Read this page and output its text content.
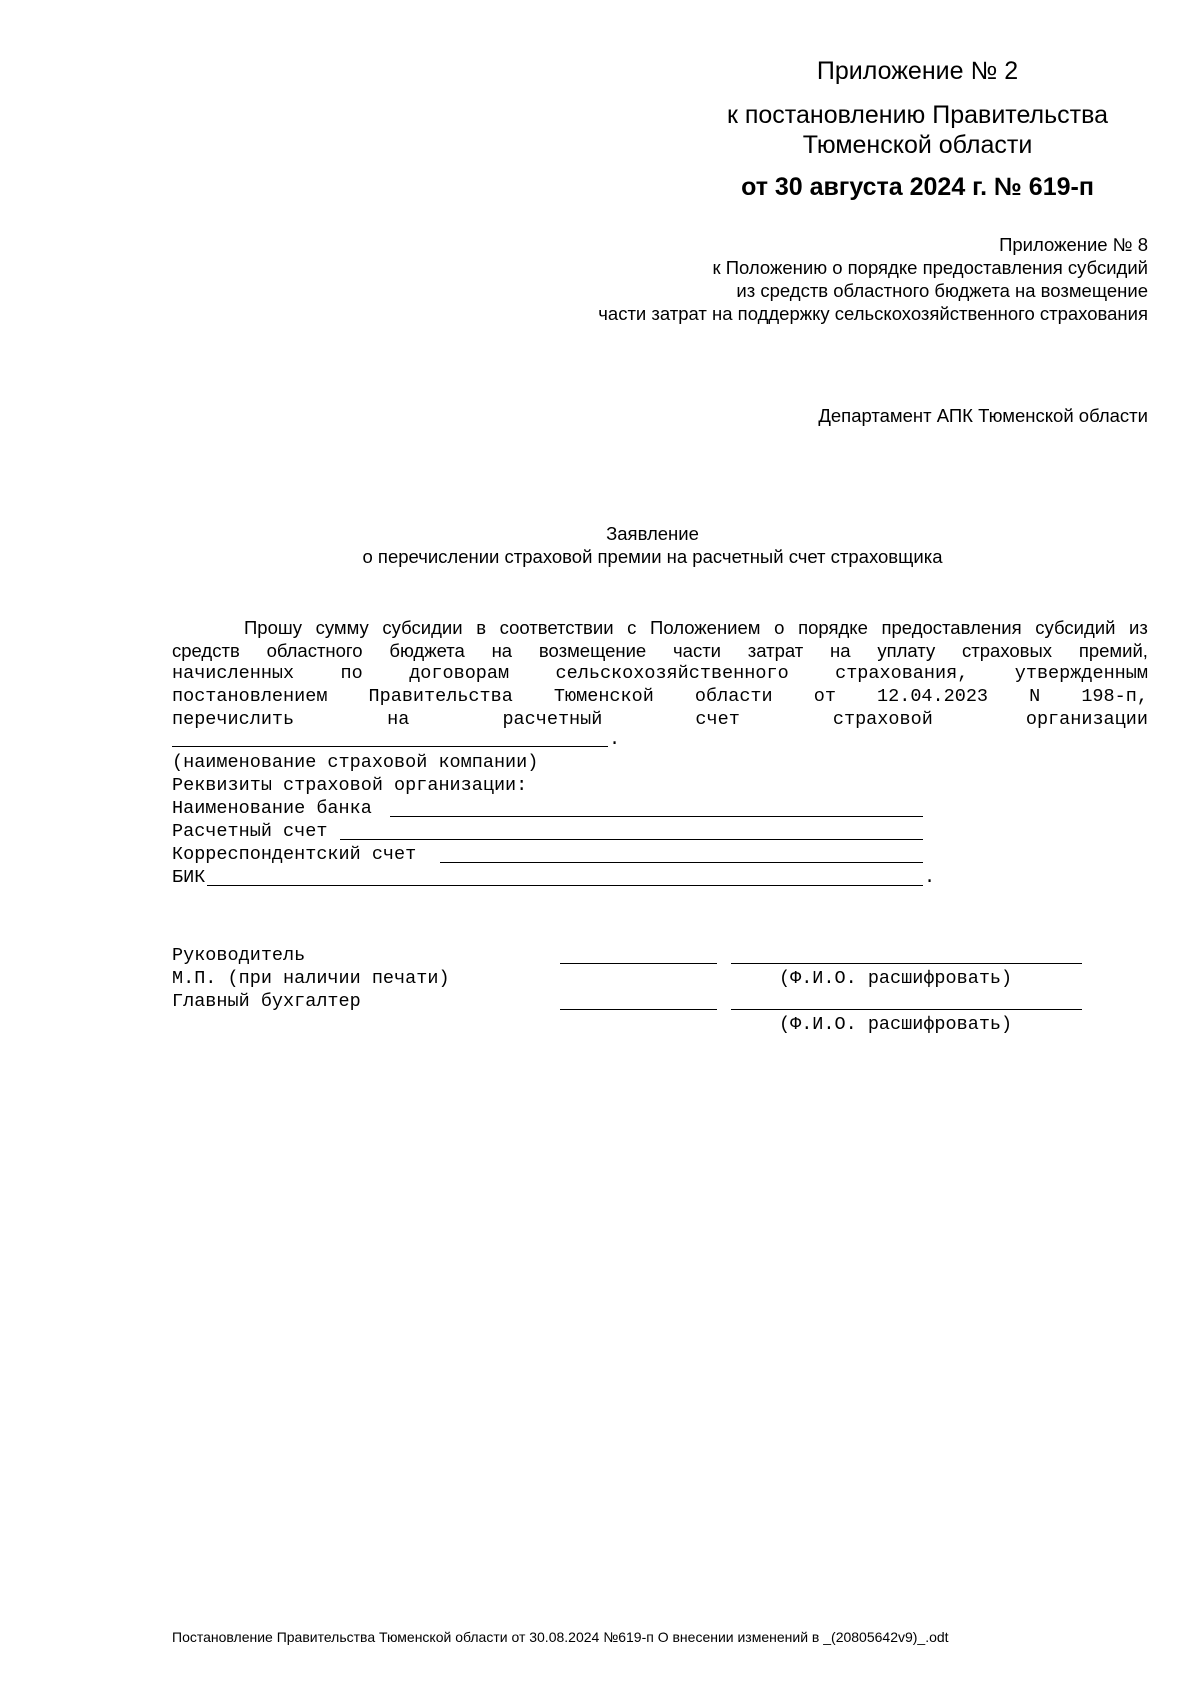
Приложение № 2
к постановлению Правительства
Тюменской области
от 30 августа 2024 г. № 619-п
Приложение № 8
к Положению о порядке предоставления субсидий
из средств областного бюджета на возмещение
части затрат на поддержку сельскохозяйственного страхования
Департамент АПК Тюменской области
Заявление
о перечислении страховой премии на расчетный счет страховщика
Прошу сумму субсидии в соответствии с Положением о порядке предоставления субсидий из
средств областного бюджета на возмещение части затрат на уплату страховых премий,
начисленных	по	договорам	сельскохозяйственного	страхования,	утвержденным
постановлением Правительства Тюменской области от 12.04.2023 N 198-п,
перечислить	на	расчетный	счет	страховой	организации
.
(наименование страховой компании)
Реквизиты страховой организации:
Наименование банка
Расчетный счет
Корреспондентский счет
БИК	.
Руководитель
М.П. (при наличии печати)	(Ф.И.О. расшифровать)
Главный бухгалтер
(Ф.И.О. расшифровать)
Постановление Правительства Тюменской области от 30.08.2024 №619-п О внесении изменений в _(20805642v9)_.odt
